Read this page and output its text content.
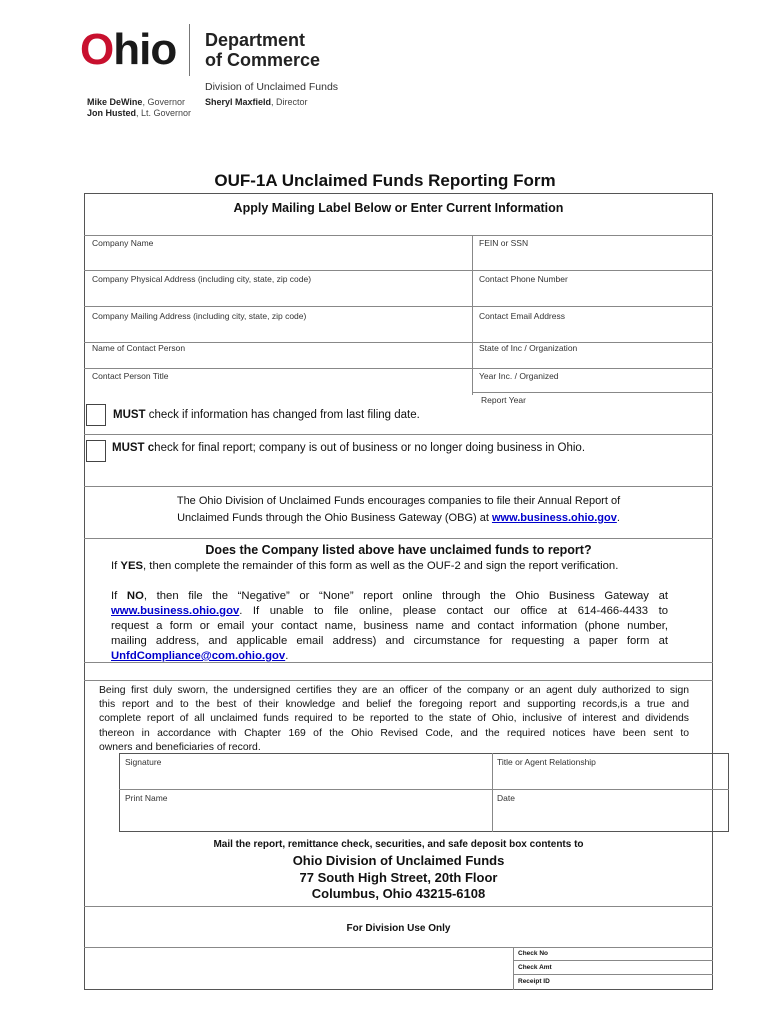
Ohio Department
of Commerce
Division of Unclaimed Funds
Mike DeWine, Governor
Jon Husted, Lt. Governor
Sheryl Maxfield, Director
OUF-1A Unclaimed Funds Reporting Form
Apply Mailing Label Below or Enter Current Information
Company Name	FEIN or SSN
Company Physical Address (including city, state, zip code)	Contact Phone Number
Company Mailing Address (including city, state, zip code)	Contact Email Address
Name of Contact Person	State of Inc / Organization
Contact Person Title	Year Inc. / Organized
Report Year
MUST check if information has changed from last filing date.
MUST check for final report; company is out of business or no longer doing business in Ohio.
The Ohio Division of Unclaimed Funds encourages companies to file their Annual Report of
Unclaimed Funds through the Ohio Business Gateway (OBG) at www.business.ohio.gov.
Does the Company listed above have unclaimed funds to report?
If YES, then complete the remainder of this form as well as the OUF-2 and sign the report verification.
If NO, then file the “Negative” or “None” report online through the Ohio Business Gateway at
www.business.ohio.gov. If unable to file online, please contact our office at 614-466-4433 to
request a form or email your contact name, business name and contact information (phone number,
mailing address, and applicable email address) and circumstance for requesting a paper form at
UnfdCompliance@com.ohio.gov.
Being first duly sworn, the undersigned certifies they are an officer of the company or an agent duly authorized to sign
this report and to the best of their knowledge and belief the foregoing report and supporting records,is a true and
complete report of all unclaimed funds required to be reported to the state of Ohio, inclusive of interest and dividends
thereon in accordance with Chapter 169 of the Ohio Revised Code, and the required notices have been sent to
owners and beneficiaries of record.
Signature	Title or Agent Relationship
Print Name	Date
Mail the report, remittance check, securities, and safe deposit box contents to
Ohio Division of Unclaimed Funds
77 South High Street, 20th Floor
Columbus, Ohio 43215-6108
For Division Use Only
Check No
Check Amt
Receipt ID
